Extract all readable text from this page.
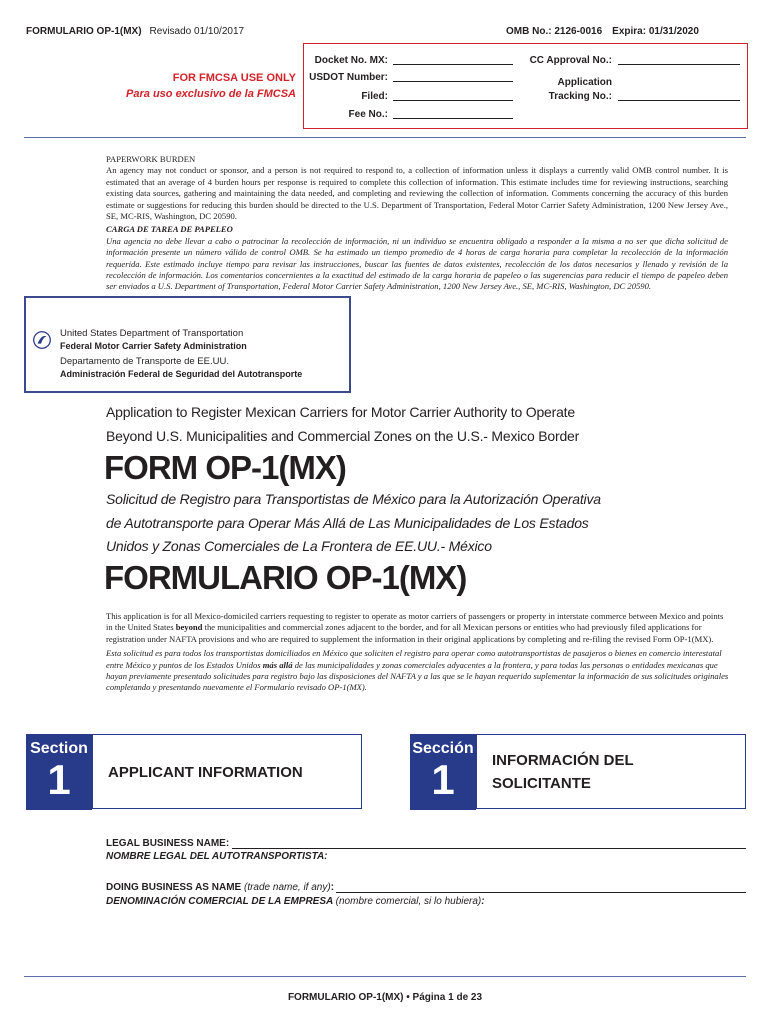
FORMULARIO OP-1(MX) Revisado 01/10/2017	OMB No.: 2126-0016 Expira: 01/31/2020
FOR FMCSA USE ONLY
Para uso exclusivo de la FMCSA
Docket No. MX:
USDOT Number:
Filed:
Fee No.:
CC Approval No.:
Application
Tracking No.:
PAPERWORK BURDEN

An agency may not conduct or sponsor, and a person is not required to respond to, a collection of information unless it displays a currently valid OMB control number. It is estimated that an average of 4 burden hours per response is required to complete this collection of information. This estimate includes time for reviewing instructions, searching existing data sources, gathering and maintaining the data needed, and completing and reviewing the collection of information. Comments concerning the accuracy of this burden estimate or suggestions for reducing this burden should be directed to the U.S. Department of Transportation, Federal Motor Carrier Safety Administration, 1200 New Jersey Ave., SE, MC-RIS, Washington, DC 20590.

CARGA DE TAREA DE PAPELEO

Una agencia no debe llevar a cabo o patrocinar la recolección de información, ni un individuo se encuentra obligado a responder a la misma a no ser que dicha solicitud de información presente un número válido de control OMB. Se ha estimado un tiempo promedio de 4 horas de carga horaria para completar la recolección de la información requerida. Este estimado incluye tiempo para revisar las instrucciones, buscar las fuentes de datos existentes, recolección de los datos necesarios y llenado y revisión de la recolección de información. Los comentarios concernientes a la exactitud del estimado de la carga horaria de papeleo o las sugerencias para reducir el tiempo de papeleo deben ser enviados a U.S. Department of Transportation, Federal Motor Carrier Safety Administration, 1200 New Jersey Ave., SE, MC-RIS, Washington, DC 20590.

United States Department of Transportation
Federal Motor Carrier Safety Administration
Departamento de Transporte de EE.UU.
Administración Federal de Seguridad del Autotransporte
Application to Register Mexican Carriers for Motor Carrier Authority to Operate
Beyond U.S. Municipalities and Commercial Zones on the U.S.- Mexico Border
FORM OP-1(MX)
Solicitud de Registro para Transportistas de México para la Autorización Operativa
de Autotransporte para Operar Más Allá de Las Municipalidades de Los Estados
Unidos y Zonas Comerciales de La Frontera de EE.UU.- México
FORMULARIO OP-1(MX)

This application is for all Mexico-domiciled carriers requesting to register to operate as motor carriers of passengers or property in interstate commerce between Mexico and points in the United States beyond the municipalities and commercial zones adjacent to the border, and for all Mexican persons or entities who had previously filed applications for registration under NAFTA provisions and who are required to supplement the information in their original applications by completing and re-filing the revised Form OP-1(MX).

Esta solicitud es para todos los transportistas domiciliados en México que soliciten el registro para operar como autotransportistas de pasajeros o bienes en comercio interestatal entre México y puntos de los Estados Unidos más allá de las municipalidades y zonas comerciales adyacentes a la frontera, y para todas las personas o entidades mexicanas que hayan previamente presentado solicitudes para registro bajo las disposiciones del NAFTA y a las que se le hayan requerido suplementar la información de sus solicitudes originales completando y presentando nuevamente el Formulario revisado OP-1(MX).

Section
1	APPLICANT INFORMATION
Sección
1	INFORMACIÓN DEL
SOLICITANTE
LEGAL BUSINESS NAME:
NOMBRE LEGAL DEL AUTOTRANSPORTISTA:
DOING BUSINESS AS NAME (trade name, if any):
DENOMINACIÓN COMERCIAL DE LA EMPRESA (nombre comercial, si lo hubiera):
FORMULARIO OP-1(MX) • Página 1 de 23
